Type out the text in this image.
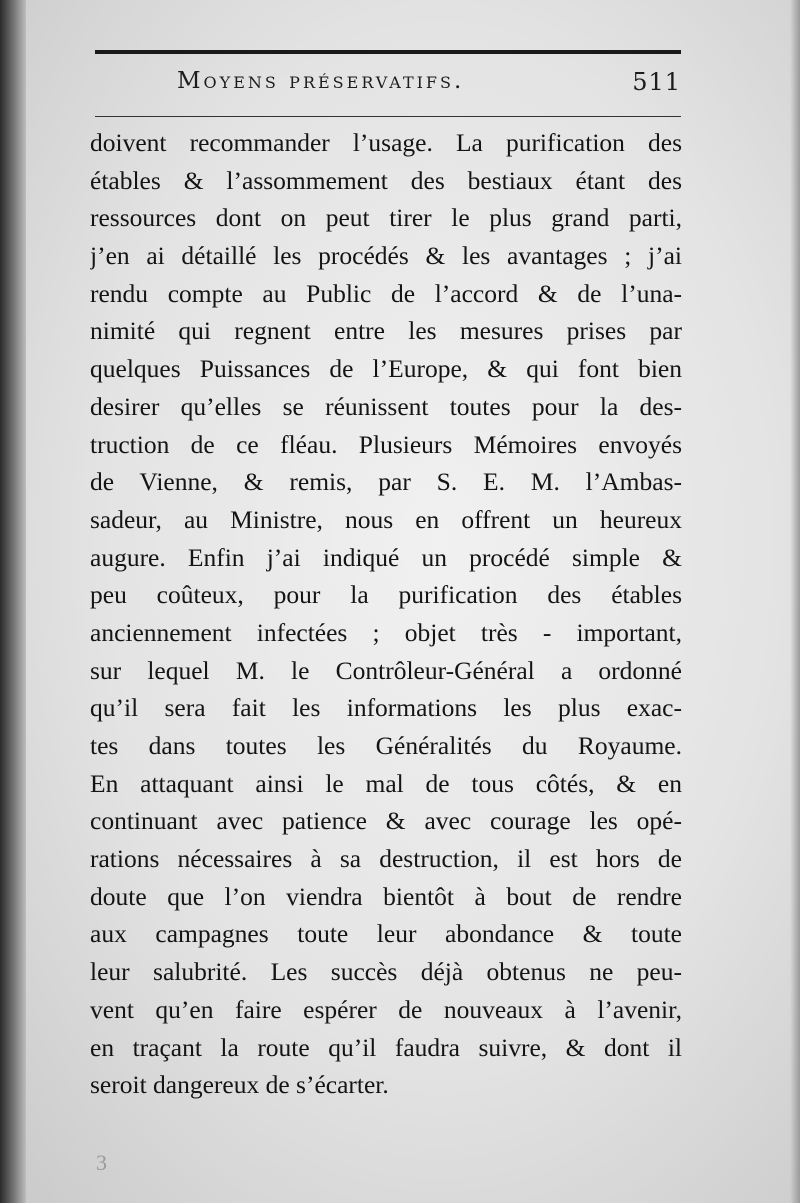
Moyens préservatifs.	511
doivent recommander l’usage. La purification des
étables & l’assommement des bestiaux étant des
ressources dont on peut tirer le plus grand parti,
j’en ai détaillé les procédés & les avantages ; j’ai
rendu compte au Public de l’accord & de l’una-
nimité qui regnent entre les mesures prises par
quelques Puissances de l’Europe, & qui font bien
desirer qu’elles se réunissent toutes pour la des-
truction de ce fléau. Plusieurs Mémoires envoyés
de Vienne, & remis, par S. E. M. l’Ambas-
sadeur, au Ministre, nous en offrent un heureux
augure. Enfin j’ai indiqué un procédé simple &
peu coûteux, pour la purification des étables
anciennement infectées ; objet très - important,
sur lequel M. le Contrôleur-Général a ordonné
qu’il sera fait les informations les plus exac-
tes dans toutes les Généralités du Royaume.
En attaquant ainsi le mal de tous côtés, & en
continuant avec patience & avec courage les opé-
rations nécessaires à sa destruction, il est hors de
doute que l’on viendra bientôt à bout de rendre
aux campagnes toute leur abondance & toute
leur salubrité. Les succès déjà obtenus ne peu-
vent qu’en faire espérer de nouveaux à l’avenir,
en traçant la route qu’il faudra suivre, & dont il
seroit dangereux de s’écarter.
3
